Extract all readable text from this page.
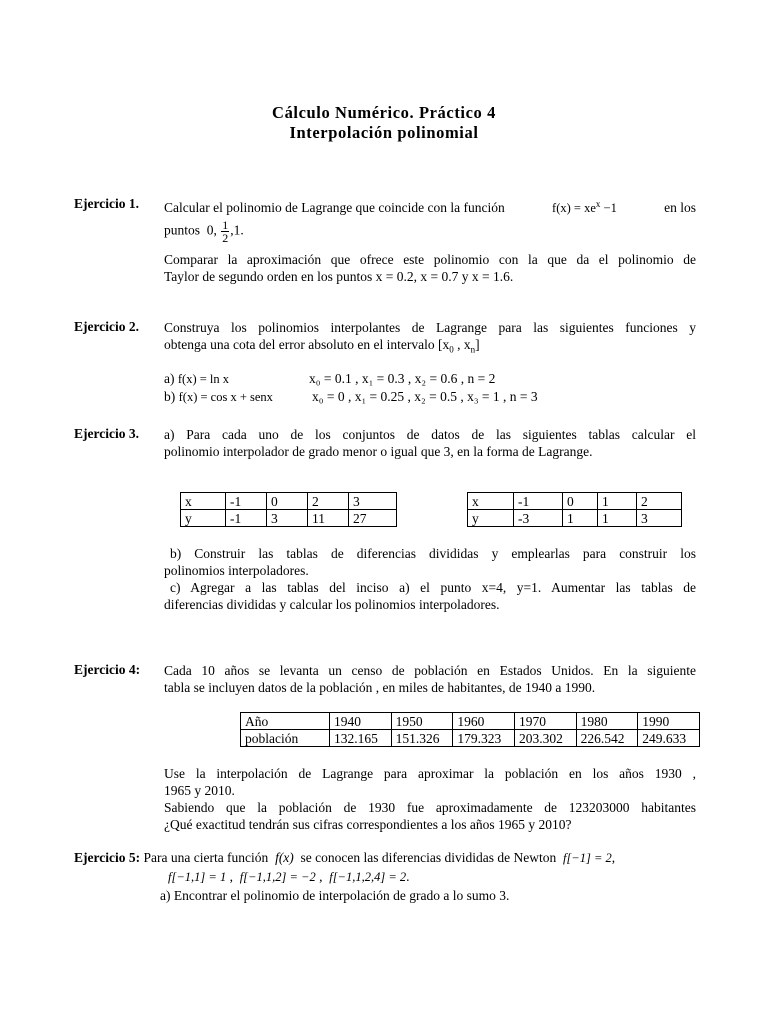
Cálculo Numérico. Práctico 4
Interpolación polinomial
Ejercicio 1. Calcular el polinomio de Lagrange que coincide con la función	$f(x) = xe^x -1$	en los
puntos 0, $\frac{1}{2} ,1$.
Comparar la aproximación que ofrece este polinomio con la que da el polinomio de
Taylor de segundo orden en los puntos x = 0.2, x = 0.7 y x = 1.6.
Ejercicio 2. Construya los polinomios interpolantes de Lagrange para las siguientes funciones y
obtenga una cota del error absoluto en el intervalo [$x_0$ , $x_n$]
a) f(x) = ln x	x₀ = 0.1 , x₁ = 0.3 , x₂ = 0.6 , n = 2
b) f(x) = cos x + senx	x₀ = 0 , x₁ = 0.25 , x₂ = 0.5 , x₃ = 1 , n = 3
Ejercicio 3. a) Para cada uno de los conjuntos de datos de las siguientes tablas calcular el
polinomio interpolador de grado menor o igual que 3, en la forma de Lagrange.
x	-1	0	2	3
y	-1	3	11	27
x	-1	0	1	2
y	-3	1	1	3
b) Construir las tablas de diferencias divididas y emplearlas para construir los
polinomios interpoladores.
c) Agregar a las tablas del inciso a) el punto x=4, y=1. Aumentar las tablas de
diferencias divididas y calcular los polinomios interpoladores.
Ejercicio 4: Cada 10 años se levanta un censo de población en Estados Unidos. En la siguiente
tabla se incluyen datos de la población , en miles de habitantes, de 1940 a 1990.
Año	1940	1950	1960	1970	1980	1990
población	132.165	151.326	179.323	203.302	226.542	249.633
Use la interpolación de Lagrange para aproximar la población en los años 1930 ,
1965 y 2010.
Sabiendo que la población de 1930 fue aproximadamente de 123203000 habitantes
¿Qué exactitud tendrán sus cifras correspondientes a los años 1965 y 2010?
Ejercicio 5: Para una cierta función f(x) se conocen las diferencias divididas de Newton f[−1] = 2,
f[−1,1] = 1 ,  f[−1,1,2] = −2 ,  f[−1,1,2,4] = 2.
a) Encontrar el polinomio de interpolación de grado a lo sumo 3.
